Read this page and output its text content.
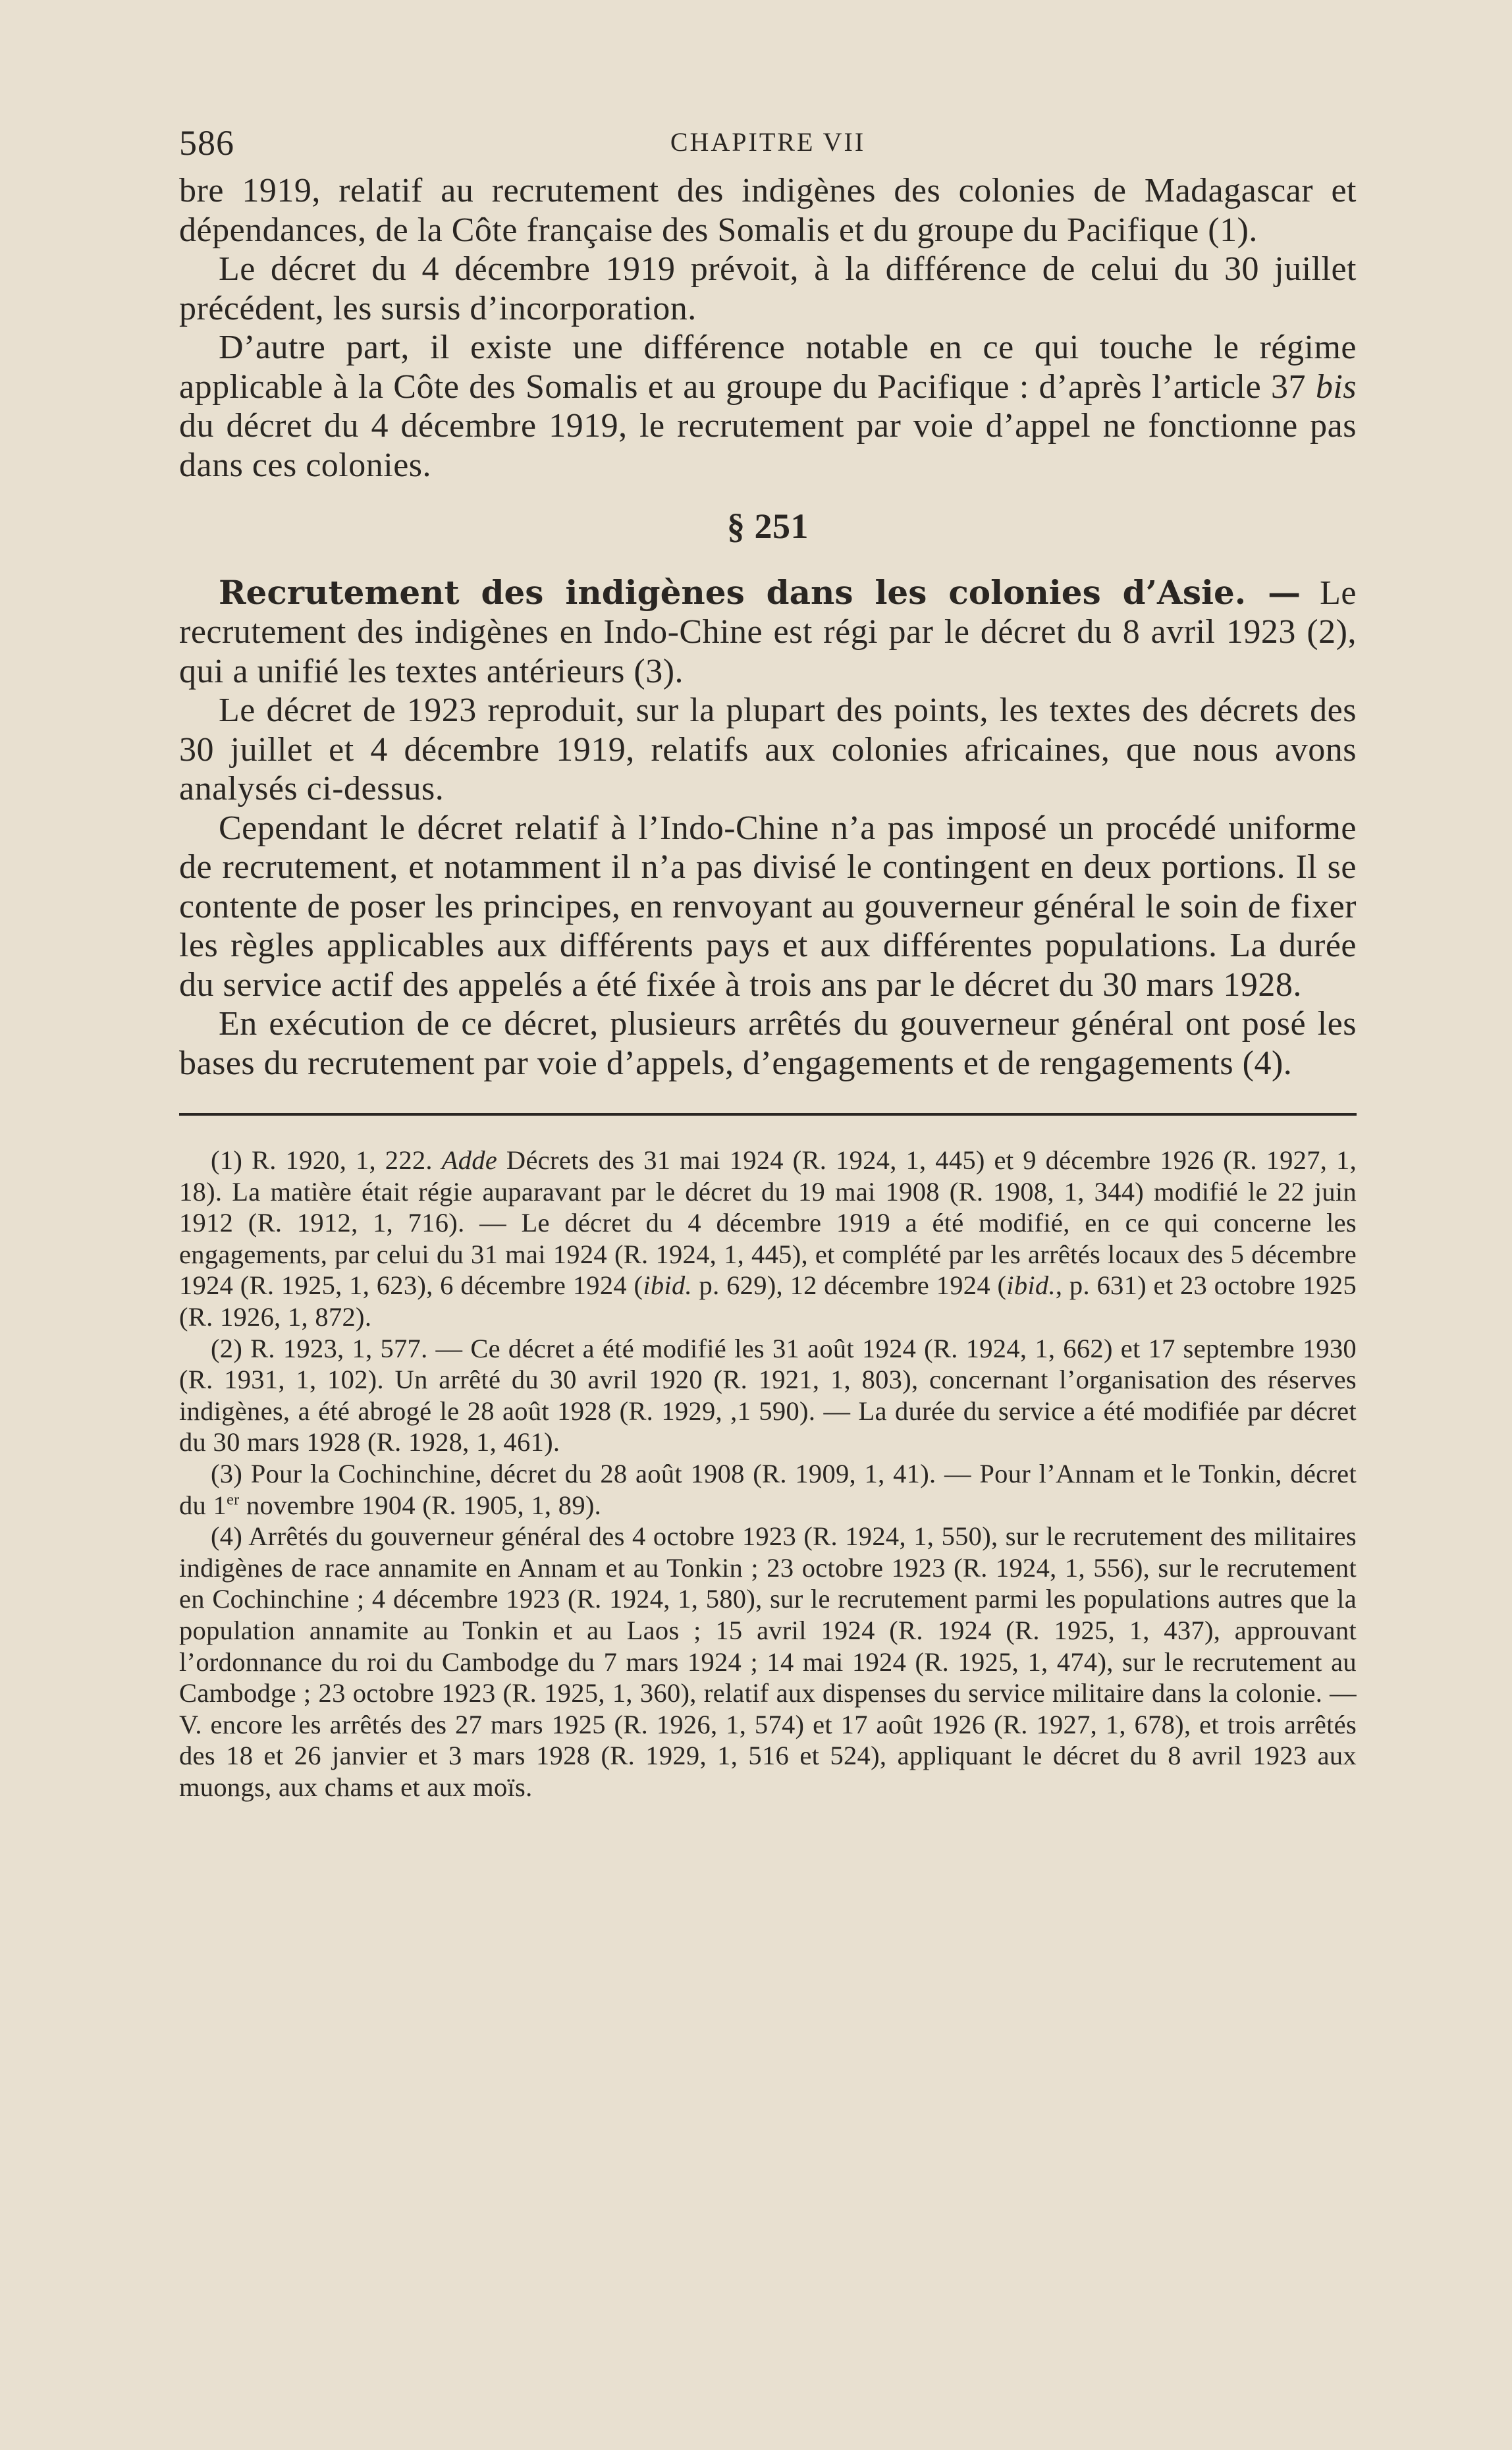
586	CHAPITRE VII

bre 1919, relatif au recrutement des indigènes des colonies de Madagascar et dépendances, de la Côte française des Somalis et du groupe du Pacifique (1).

Le décret du 4 décembre 1919 prévoit, à la différence de celui du 30 juillet précédent, les sursis d’incorporation.

D’autre part, il existe une différence notable en ce qui touche le régime applicable à la Côte des Somalis et au groupe du Pacifique : d’après l’article 37 bis du décret du 4 décembre 1919, le recrutement par voie d’appel ne fonctionne pas dans ces colonies.

§ 251

Recrutement des indigènes dans les colonies d’Asie. — Le recrutement des indigènes en Indo-Chine est régi par le décret du 8 avril 1923 (2), qui a unifié les textes antérieurs (3).

Le décret de 1923 reproduit, sur la plupart des points, les textes des décrets des 30 juillet et 4 décembre 1919, relatifs aux colonies africaines, que nous avons analysés ci-dessus.

Cependant le décret relatif à l’Indo-Chine n’a pas imposé un procédé uniforme de recrutement, et notamment il n’a pas divisé le contingent en deux portions. Il se contente de poser les principes, en renvoyant au gouverneur général le soin de fixer les règles applicables aux différents pays et aux différentes populations. La durée du service actif des appelés a été fixée à trois ans par le décret du 30 mars 1928.

En exécution de ce décret, plusieurs arrêtés du gouverneur général ont posé les bases du recrutement par voie d’appels, d’engagements et de rengagements (4).

(1) R. 1920, 1, 222. Adde Décrets des 31 mai 1924 (R. 1924, 1, 445) et 9 décembre 1926 (R. 1927, 1, 18). La matière était régie auparavant par le décret du 19 mai 1908 (R. 1908, 1, 344) modifié le 22 juin 1912 (R. 1912, 1, 716). — Le décret du 4 décembre 1919 a été modifié, en ce qui concerne les engagements, par celui du 31 mai 1924 (R. 1924, 1, 445), et complété par les arrêtés locaux des 5 décembre 1924 (R. 1925, 1, 623), 6 décembre 1924 (ibid. p. 629), 12 décembre 1924 (ibid., p. 631) et 23 octobre 1925 (R. 1926, 1, 872).

(2) R. 1923, 1, 577. — Ce décret a été modifié les 31 août 1924 (R. 1924, 1, 662) et 17 septembre 1930 (R. 1931, 1, 102). Un arrêté du 30 avril 1920 (R. 1921, 1, 803), concernant l’organisation des réserves indigènes, a été abrogé le 28 août 1928 (R. 1929, ,1 590). — La durée du service a été modifiée par décret du 30 mars 1928 (R. 1928, 1, 461).

(3) Pour la Cochinchine, décret du 28 août 1908 (R. 1909, 1, 41). — Pour l’Annam et le Tonkin, décret du 1er novembre 1904 (R. 1905, 1, 89).

(4) Arrêtés du gouverneur général des 4 octobre 1923 (R. 1924, 1, 550), sur le recrutement des militaires indigènes de race annamite en Annam et au Tonkin ; 23 octobre 1923 (R. 1924, 1, 556), sur le recrutement en Cochinchine ; 4 décembre 1923 (R. 1924, 1, 580), sur le recrutement parmi les populations autres que la population annamite au Tonkin et au Laos ; 15 avril 1924 (R. 1924 (R. 1925, 1, 437), approuvant l’ordonnance du roi du Cambodge du 7 mars 1924 ; 14 mai 1924 (R. 1925, 1, 474), sur le recrutement au Cambodge ; 23 octobre 1923 (R. 1925, 1, 360), relatif aux dispenses du service militaire dans la colonie. — V. encore les arrêtés des 27 mars 1925 (R. 1926, 1, 574) et 17 août 1926 (R. 1927, 1, 678), et trois arrêtés des 18 et 26 janvier et 3 mars 1928 (R. 1929, 1, 516 et 524), appliquant le décret du 8 avril 1923 aux muongs, aux chams et aux moïs.
